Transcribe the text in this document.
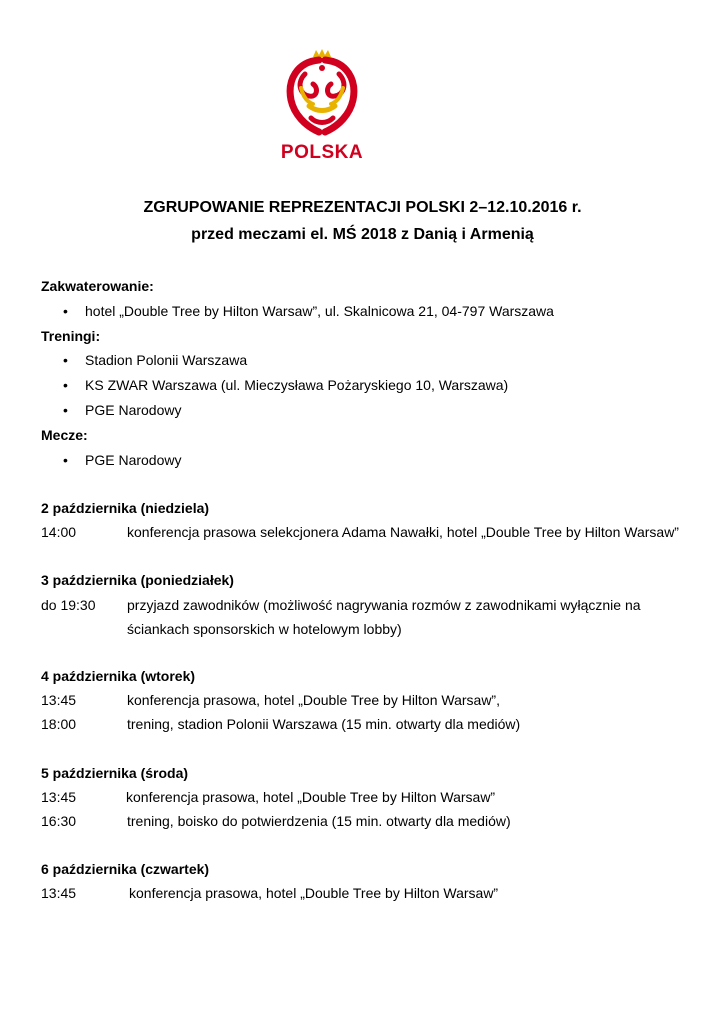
POLSKA
ZGRUPOWANIE REPREZENTACJI POLSKI 2–12.10.2016 r.
przed meczami el. MŚ 2018 z Danią i Armenią
Zakwaterowanie:
• hotel „Double Tree by Hilton Warsaw”, ul. Skalnicowa 21, 04-797 Warszawa
Treningi:
• Stadion Polonii Warszawa
• KS ZWAR Warszawa (ul. Mieczysława Pożaryskiego 10, Warszawa)
• PGE Narodowy
Mecze:
• PGE Narodowy
2 października (niedziela)
14:00	konferencja prasowa selekcjonera Adama Nawałki, hotel „Double Tree by Hilton Warsaw”
3 października (poniedziałek)
do 19:30 przyjazd zawodników (możliwość nagrywania rozmów z zawodnikami wyłącznie na
ściankach sponsorskich w hotelowym lobby)
4 października (wtorek)
13:45	konferencja prasowa, hotel „Double Tree by Hilton Warsaw”,
18:00	trening, stadion Polonii Warszawa (15 min. otwarty dla mediów)
5 października (środa)
13:45	konferencja prasowa, hotel „Double Tree by Hilton Warsaw”
16:30	trening, boisko do potwierdzenia (15 min. otwarty dla mediów)
6 października (czwartek)
13:45	konferencja prasowa, hotel „Double Tree by Hilton Warsaw”
